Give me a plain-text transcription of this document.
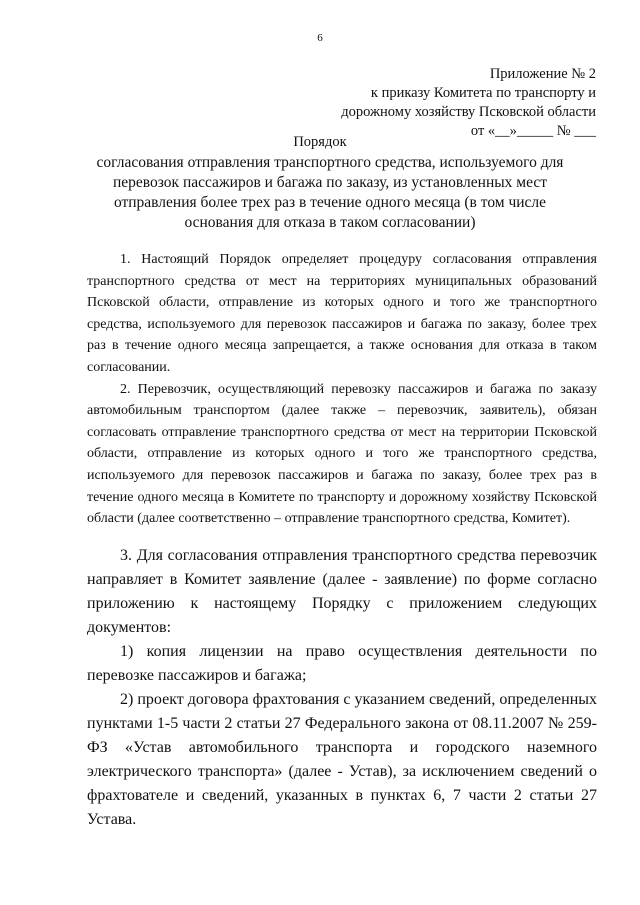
6
Приложение № 2
к приказу Комитета по транспорту и
дорожному хозяйству Псковской области
от «__»_____ № ___
Порядок
согласования отправления транспортного средства, используемого для перевозок пассажиров и багажа по заказу, из установленных мест отправления более трех раз в течение одного месяца (в том числе основания для отказа в таком согласовании)

1. Настоящий Порядок определяет процедуру согласования отправления транспортного средства от мест на территориях муниципальных образований Псковской области, отправление из которых одного и того же транспортного средства, используемого для перевозок пассажиров и багажа по заказу, более трех раз в течение одного месяца запрещается, а также основания для отказа в таком согласовании.

2. Перевозчик, осуществляющий перевозку пассажиров и багажа по заказу автомобильным транспортом (далее также – перевозчик, заявитель), обязан согласовать отправление транспортного средства от мест на территории Псковской области, отправление из которых одного и того же транспортного средства, используемого для перевозок пассажиров и багажа по заказу, более трех раз в течение одного месяца в Комитете по транспорту и дорожному хозяйству Псковской области (далее соответственно – отправление транспортного средства, Комитет).

3. Для согласования отправления транспортного средства перевозчик направляет в Комитет заявление (далее - заявление) по форме согласно приложению к настоящему Порядку с приложением следующих документов:

1) копия лицензии на право осуществления деятельности по перевозке пассажиров и багажа;

2) проект договора фрахтования с указанием сведений, определенных пунктами 1-5 части 2 статьи 27 Федерального закона от 08.11.2007 № 259-ФЗ «Устав автомобильного транспорта и городского наземного электрического транспорта» (далее - Устав), за исключением сведений о фрахтователе и сведений, указанных в пунктах 6, 7 части 2 статьи 27 Устава.
